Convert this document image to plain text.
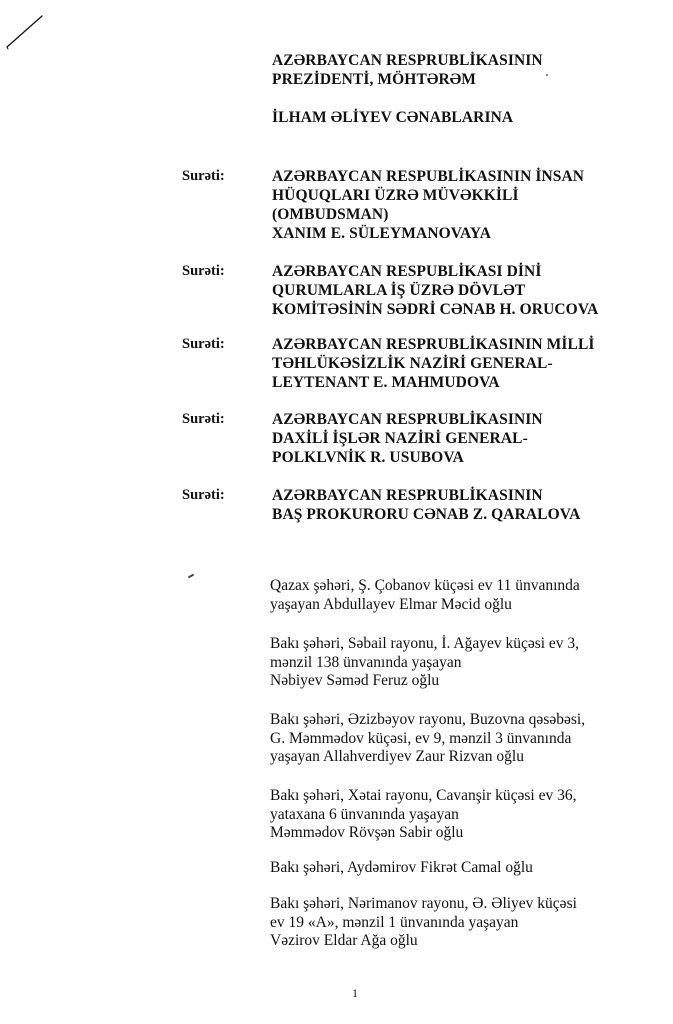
AZƏRBAYCAN RESPRUBLİKASININ
PREZİDENTİ, MÖHTƏRƏM
İLHAM ƏLİYEV CƏNABLARINA
Surəti:	AZƏRBAYCAN RESPUBLİKASININ İNSAN
HÜQUQLARI ÜZRƏ MÜVƏKKİLİ
(OMBUDSMAN)
XANIM E. SÜLEYMANOVAYA
Surəti:	AZƏRBAYCAN RESPUBLİKASI DİNİ
QURUMLARLA İŞ ÜZRƏ DÖVLƏT
KOMİTƏSİNİN SƏDRİ CƏNAB H. ORUCOVA
Surəti:	AZƏRBAYCAN RESPRUBLİKASININ MİLLİ
TƏHLÜKƏSİZLİK NAZİRİ GENERAL-
LEYTENANT E. MAHMUDOVA
Surəti:	AZƏRBAYCAN RESPRUBLİKASININ
DAXİLİ İŞLƏR NAZİRİ GENERAL-
POLKLVNİK R. USUBOVA
Surəti:	AZƏRBAYCAN RESPRUBLİKASININ
BAŞ PROKURORU CƏNAB Z. QARALOVA
Qazax şəhəri, Ş. Çobanov küçəsi ev 11 ünvanında
yaşayan Abdullayev Elmar Məcid oğlu
Bakı şəhəri, Səbail rayonu, İ. Ağayev küçəsi ev 3,
mənzil 138 ünvanında yaşayan
Nəbiyev Səməd Feruz oğlu
Bakı şəhəri, Əzizbəyov rayonu, Buzovna qəsəbəsi,
G. Məmmədov küçəsi, ev 9, mənzil 3 ünvanında
yaşayan Allahverdiyev Zaur Rizvan oğlu
Bakı şəhəri, Xətai rayonu, Cavanşir küçəsi ev 36,
yataxana 6 ünvanında yaşayan
Məmmədov Rövşən Sabir oğlu
Bakı şəhəri, Aydəmirov Fikrət Camal oğlu
Bakı şəhəri, Nərimanov rayonu, Ə. Əliyev küçəsi
ev 19 «A», mənzil 1 ünvanında yaşayan
Vəzirov Eldar Ağa oğlu
1
